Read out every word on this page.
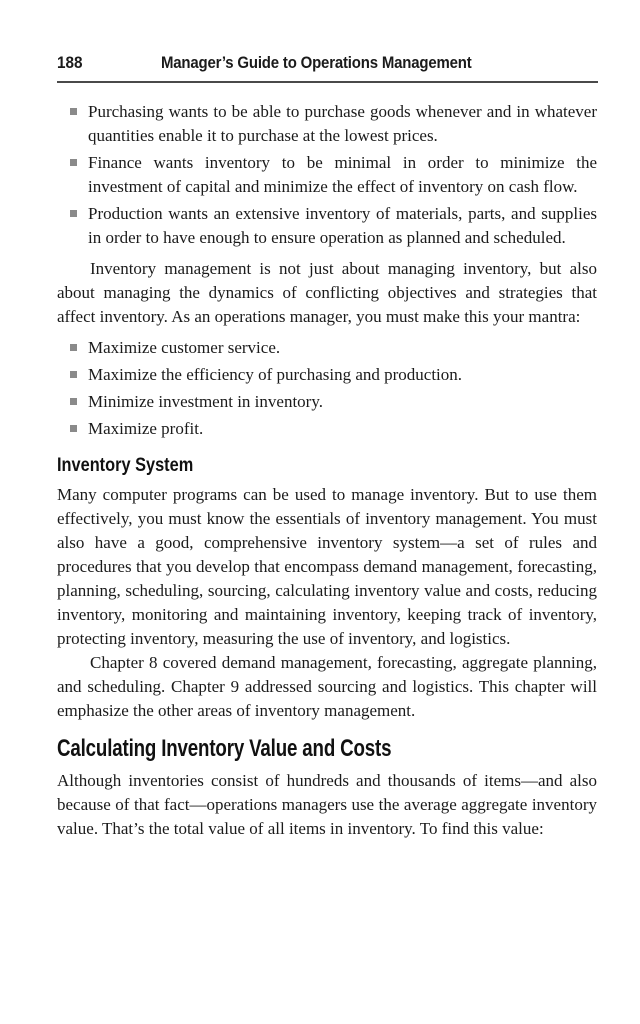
188	Manager’s Guide to Operations Management
Purchasing wants to be able to purchase goods whenever and in whatever quantities enable it to purchase at the lowest prices.
Finance wants inventory to be minimal in order to minimize the investment of capital and minimize the effect of inventory on cash flow.
Production wants an extensive inventory of materials, parts, and supplies in order to have enough to ensure operation as planned and scheduled.

Inventory management is not just about managing inventory, but also about managing the dynamics of conflicting objectives and strategies that affect inventory. As an operations manager, you must make this your mantra:

Maximize customer service.
Maximize the efficiency of purchasing and production.
Minimize investment in inventory.
Maximize profit.
Inventory System

Many computer programs can be used to manage inventory. But to use them effectively, you must know the essentials of inventory management. You must also have a good, comprehensive inventory system—a set of rules and procedures that you develop that encompass demand management, forecasting, planning, scheduling, sourcing, calculating inventory value and costs, reducing inventory, monitoring and maintaining inventory, keeping track of inventory, protecting inventory, measuring the use of inventory, and logistics.

Chapter 8 covered demand management, forecasting, aggregate planning, and scheduling. Chapter 9 addressed sourcing and logistics. This chapter will emphasize the other areas of inventory management.

Calculating Inventory Value and Costs

Although inventories consist of hundreds and thousands of items—and also because of that fact—operations managers use the average aggregate inventory value. That’s the total value of all items in inventory. To find this value:
